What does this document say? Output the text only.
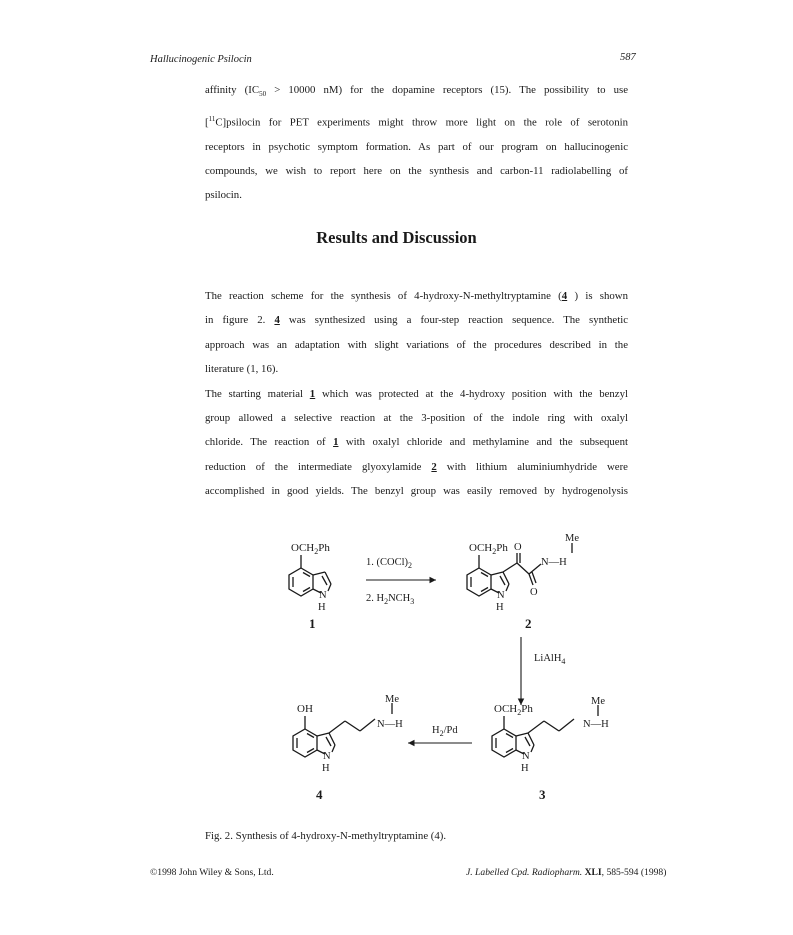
Hallucinogenic Psilocin	587
affinity ($IC_{50} > 10000$ nM) for the dopamine receptors (15). The possibility to use
[$^{11}$C]psilocin for PET experiments might throw more light on the role of serotonin
receptors in psychotic symptom formation. As part of our program on hallucinogenic
compounds, we wish to report here on the synthesis and carbon-11 radiolabelling of
psilocin.
Results and Discussion
The reaction scheme for the synthesis of 4-hydroxy-N-methyltryptamine (4 ) is shown
in figure 2. 4 was synthesized using a four-step reaction sequence. The synthetic
approach was an adaptation with slight variations of the procedures described in the
literature (1, 16).
The starting material 1 which was protected at the 4-hydroxy position with the benzyl
group allowed a selective reaction at the 3-position of the indole ring with oxalyl
chloride. The reaction of 1 with oxalyl chloride and methylamine and the subsequent
reduction of the intermediate glyoxylamide 2 with lithium aluminiumhydride were
accomplished in good yields. The benzyl group was easily removed by hydrogenolysis
$OCH_2Ph$
N
H
1
1. $(COCl)_2$
2. $H_2NCH_3$
$OCH_2Ph$
N
H
O
O
Me
N—H
2
LiAlH$_4$
$OCH_2Ph$
N
H
Me
N—H
3
$H_2/Pd$
OH
N
H
Me
N—H
4
Fig. 2. Synthesis of 4-hydroxy-N-methyltryptamine (4).
©1998 John Wiley & Sons, Ltd.	J. Labelled Cpd. Radiopharm. XLI, 585-594 (1998)
